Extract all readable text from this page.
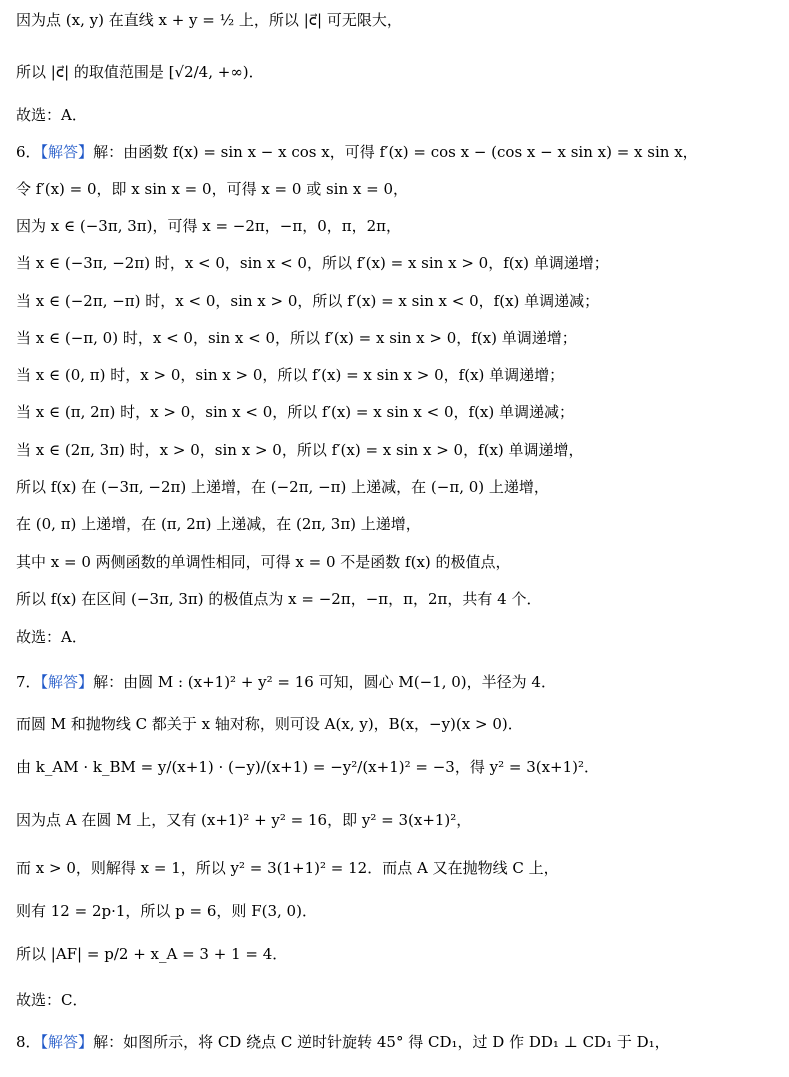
因为点 (x, y) 在直线 x + y = ½ 上，所以 |c⃗| 可无限大，
所以 |c⃗| 的取值范围是 [√2/4, +∞)．
故选：A．
6．【解答】解：由函数 f(x) = sin x − x cos x，可得 f′(x) = cos x − (cos x − x sin x) = x sin x，
令 f′(x) = 0，即 x sin x = 0，可得 x = 0 或 sin x = 0，
因为 x ∈ (−3π, 3π)，可得 x = −2π，−π，0，π，2π，
当 x ∈ (−3π, −2π) 时，x < 0，sin x < 0，所以 f′(x) = x sin x > 0，f(x) 单调递增；
当 x ∈ (−2π, −π) 时，x < 0，sin x > 0，所以 f′(x) = x sin x < 0，f(x) 单调递减；
当 x ∈ (−π, 0) 时，x < 0，sin x < 0，所以 f′(x) = x sin x > 0，f(x) 单调递增；
当 x ∈ (0, π) 时，x > 0，sin x > 0，所以 f′(x) = x sin x > 0，f(x) 单调递增；
当 x ∈ (π, 2π) 时，x > 0，sin x < 0，所以 f′(x) = x sin x < 0，f(x) 单调递减；
当 x ∈ (2π, 3π) 时，x > 0，sin x > 0，所以 f′(x) = x sin x > 0，f(x) 单调递增，
所以 f(x) 在 (−3π, −2π) 上递增，在 (−2π, −π) 上递减，在 (−π, 0) 上递增，
在 (0, π) 上递增，在 (π, 2π) 上递减，在 (2π, 3π) 上递增，
其中 x = 0 两侧函数的单调性相同，可得 x = 0 不是函数 f(x) 的极值点，
所以 f(x) 在区间 (−3π, 3π) 的极值点为 x = −2π，−π，π，2π，共有 4 个．
故选：A．
7．【解答】解：由圆 M : (x+1)² + y² = 16 可知，圆心 M(−1, 0)，半径为 4．
而圆 M 和抛物线 C 都关于 x 轴对称，则可设 A(x, y)，B(x，−y)(x > 0)．
由 k_AM · k_BM = y/(x+1) · (−y)/(x+1) = −y²/(x+1)² = −3，得 y² = 3(x+1)²．
因为点 A 在圆 M 上，又有 (x+1)² + y² = 16，即 y² = 3(x+1)²，
而 x > 0，则解得 x = 1，所以 y² = 3(1+1)² = 12．而点 A 又在抛物线 C 上，
则有 12 = 2p·1，所以 p = 6，则 F(3, 0)．
所以 |AF| = p/2 + x_A = 3 + 1 = 4．
故选：C．
8．【解答】解：如图所示，将 CD 绕点 C 逆时针旋转 45° 得 CD₁，过 D 作 DD₁ ⊥ CD₁ 于 D₁，
